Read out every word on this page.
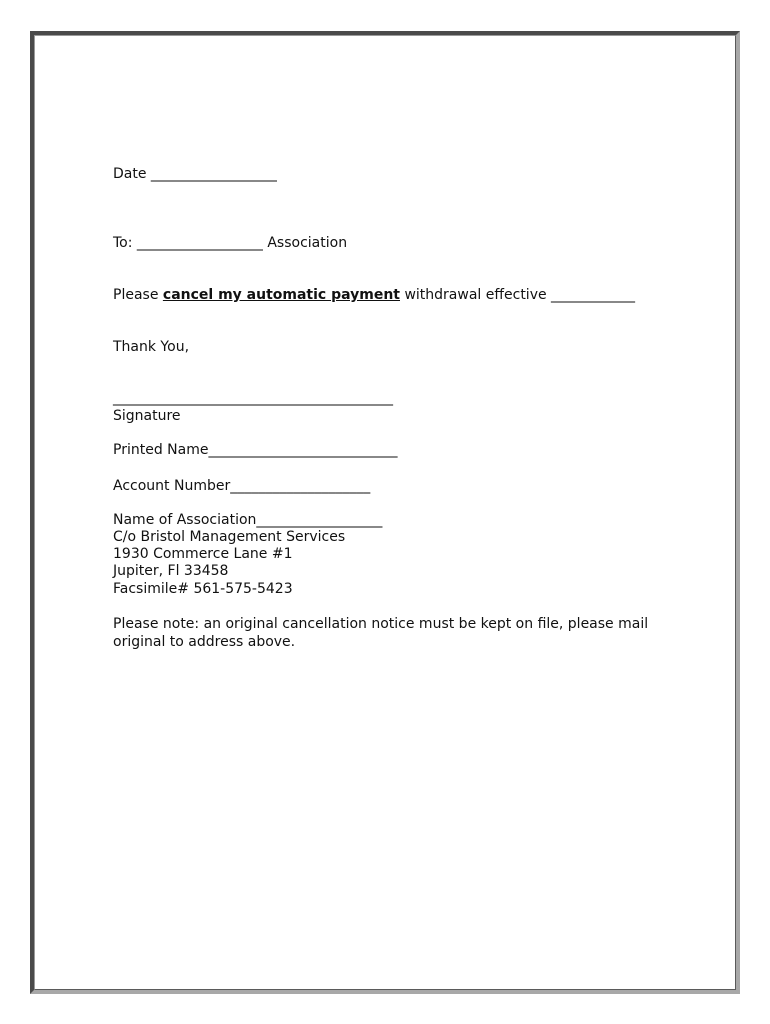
Date __________________
To: __________________ Association
Please cancel my automatic payment withdrawal effective ____________
Thank You,
________________________________________
Signature
Printed Name___________________________
Account Number____________________
Name of Association__________________
C/o Bristol Management Services
1930 Commerce Lane #1
Jupiter, Fl 33458
Facsimile# 561-575-5423
Please note: an original cancellation notice must be kept on file, please mail
original to address above.
